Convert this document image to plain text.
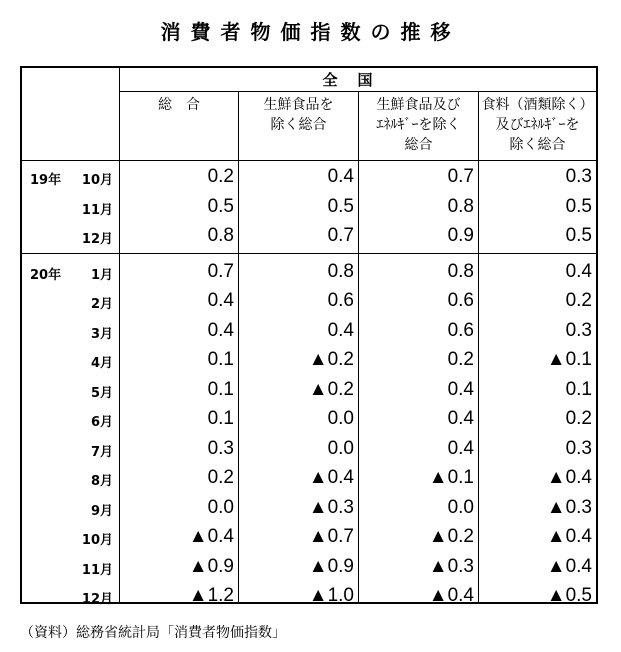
消費者物価指数の推移
全国
総　合	生鮮食品を
除く総合
生鮮食品及び
ｴﾈﾙｷﾞｰを除く
総合
食料（酒類除く）
及びｴﾈﾙｷﾞｰを
除く総合
19年 10月	0.2	0.4	0.7	0.3
11月	0.5	0.5	0.8	0.5
12月	0.8	0.7	0.9	0.5
20年 1月	0.7	0.8	0.8	0.4
2月	0.4	0.6	0.6	0.2
3月	0.4	0.4	0.6	0.3
4月	0.1	▲0.2	0.2	▲0.1
5月	0.1	▲0.2	0.4	0.1
6月	0.1	0.0	0.4	0.2
7月	0.3	0.0	0.4	0.3
8月	0.2	▲0.4	▲0.1	▲0.4
9月	0.0	▲0.3	0.0	▲0.3
10月	▲0.4	▲0.7	▲0.2	▲0.4
11月	▲0.9	▲0.9	▲0.3	▲0.4
12月	▲1.2	▲1.0	▲0.4	▲0.5
（資料）総務省統計局「消費者物価指数」
